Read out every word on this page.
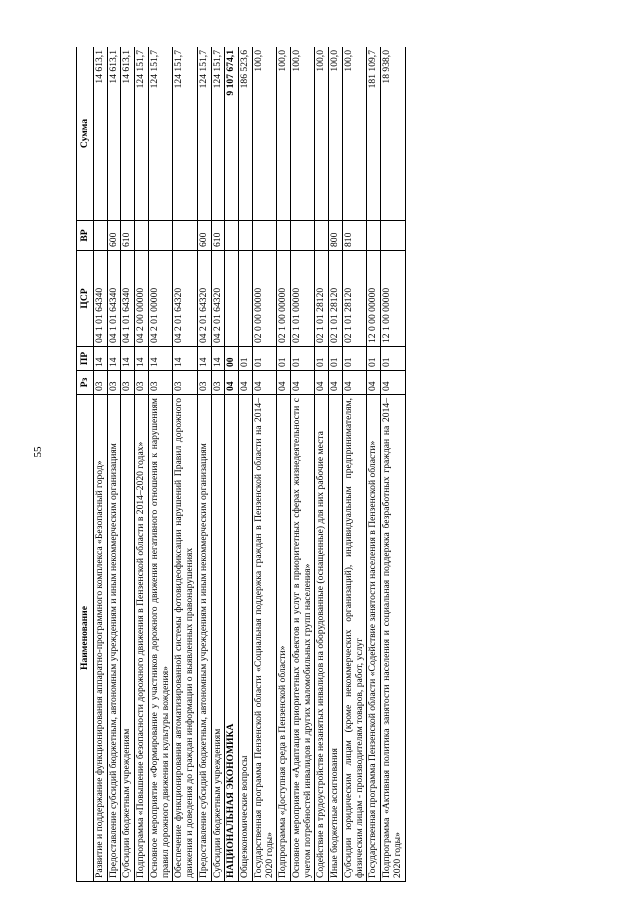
55
Наименование	Рз	ПР	ЦСР	ВР	Сумма
Развитие и поддержание функционирования аппаратно-программного комплекса «Безопасный город»	03	14	04 1 01 64340		14 613,1
Предоставление субсидий бюджетным, автономным учреждениям и иным некоммерческим организациям	03	14	04 1 01 64340	600	14 613,1
Субсидии бюджетным учреждениям	03	14	04 1 01 64340	610	14 613,1
Подпрограмма «Повышение безопасности дорожного движения в Пензенской области в 2014–2020 годах»	03	14	04 2 00 00000		124 151,7
Основное мероприятие «Формирование у участников дорожного движения негативного отношения к нарушениям правил дорожного движения и культуры вождения»	03	14	04 2 01 00000		124 151,7
Обеспечение функционирования автоматизированной системы фотовидеофиксации нарушений Правил дорожного движения и доведения до граждан информации о выявленных правонарушениях	03	14	04 2 01 64320		124 151,7
Предоставление субсидий бюджетным, автономным учреждениям и иным некоммерческим организациям	03	14	04 2 01 64320	600	124 151,7
Субсидии бюджетным учреждениям	03	14	04 2 01 64320	610	124 151,7
НАЦИОНАЛЬНАЯ ЭКОНОМИКА	04	00			9 107 674,1
Общеэкономические вопросы	04	01			186 523,6
Государственная программа Пензенской области «Социальная поддержка граждан в Пензенской области на 2014–2020 годы»	04	01	02 0 00 00000		100,0
Подпрограмма «Доступная среда в Пензенской области»	04	01	02 1 00 00000		100,0
Основное мероприятие «Адаптация приоритетных объектов и услуг в приоритетных сферах жизнедеятельности с учетом потребностей инвалидов и других маломобильных групп населения»	04	01	02 1 01 00000		100,0
Содействие в трудоустройстве незанятых инвалидов на оборудованные (оснащенные) для них рабочие места	04	01	02 1 01 28120		100,0
Иные бюджетные ассигнования	04	01	02 1 01 28120	800	100,0
Субсидии юридическим лицам (кроме некоммерческих организаций), индивидуальным предпринимателям, физическим лицам - производителям товаров, работ, услуг	04	01	02 1 01 28120	810	100,0
Государственная программа Пензенской области «Содействие занятости населения в Пензенской области»	04	01	12 0 00 00000		181 109,7
Подпрограмма «Активная политика занятости населения и социальная поддержка безработных граждан на 2014–2020 годы»	04	01	12 1 00 00000		18 938,0
